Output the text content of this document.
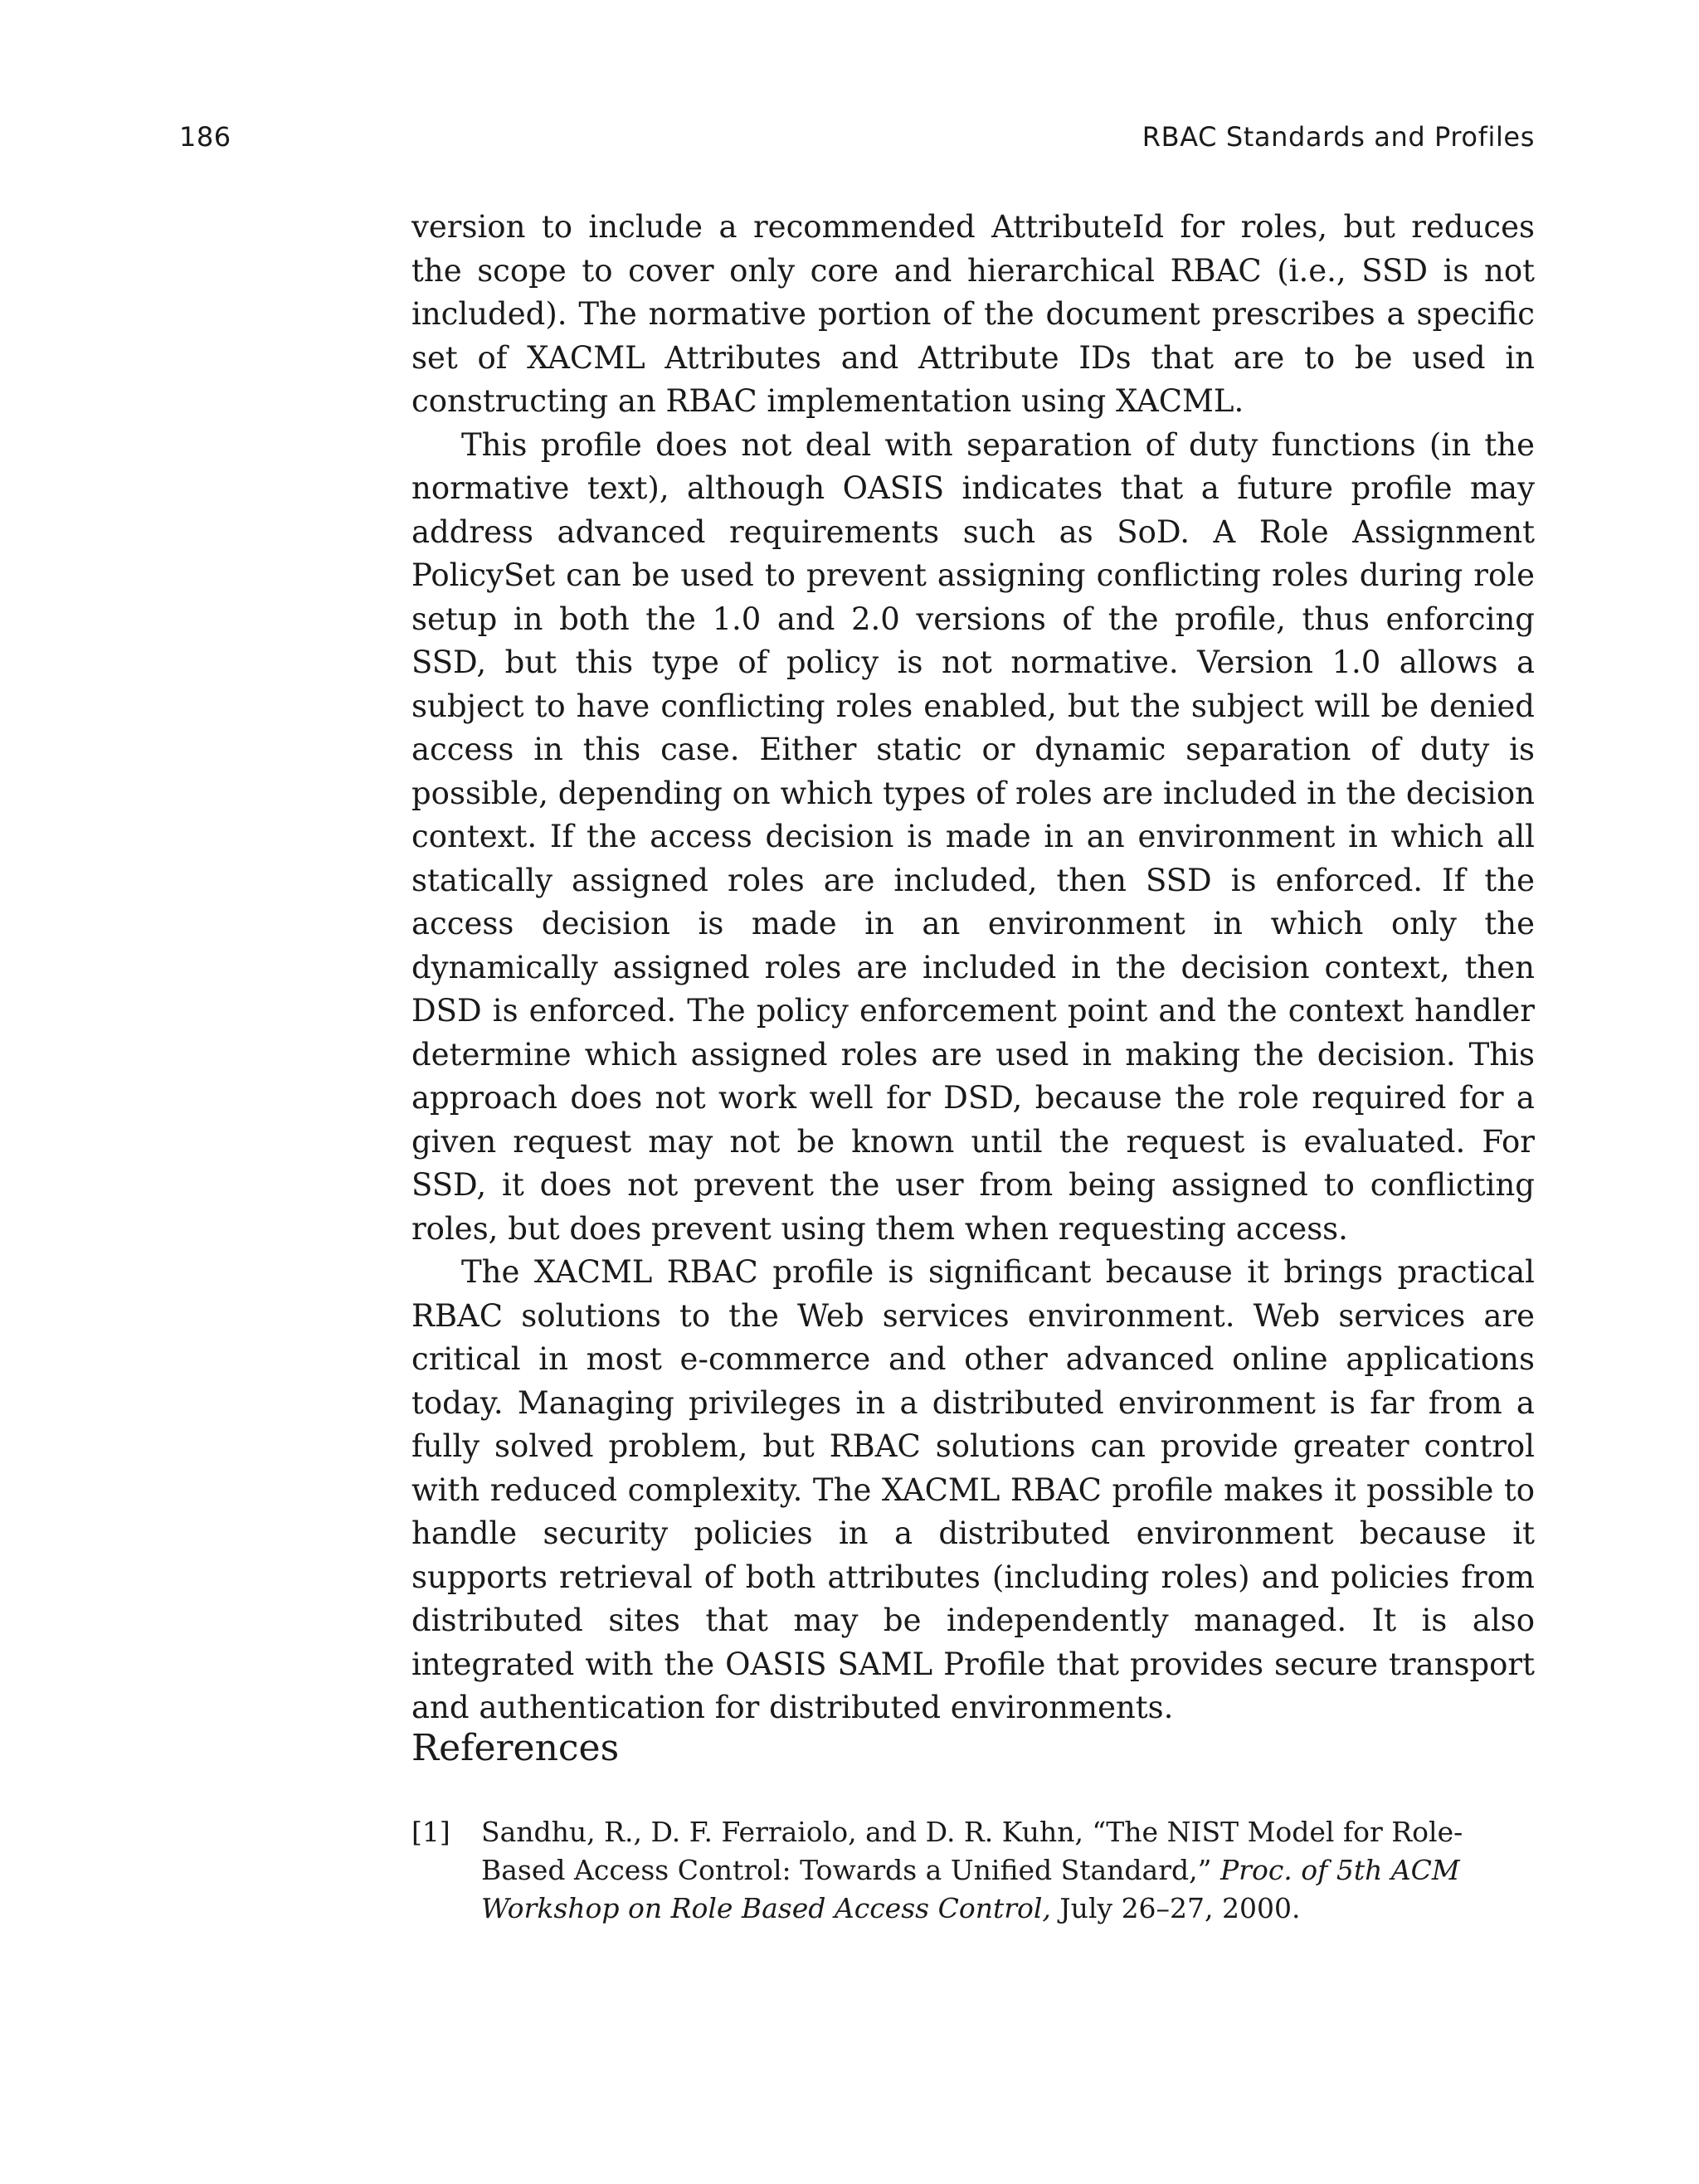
186	RBAC Standards and Profiles

version to include a recommended AttributeId for roles, but reduces the scope to cover only core and hierarchical RBAC (i.e., SSD is not included). The normative portion of the document prescribes a specific set of XACML Attributes and Attribute IDs that are to be used in constructing an RBAC implementation using XACML.

This profile does not deal with separation of duty functions (in the normative text), although OASIS indicates that a future profile may address advanced requirements such as SoD. A Role Assignment PolicySet can be used to prevent assigning conflicting roles during role setup in both the 1.0 and 2.0 versions of the profile, thus enforcing SSD, but this type of policy is not normative. Version 1.0 allows a subject to have conflicting roles enabled, but the subject will be denied access in this case. Either static or dynamic separation of duty is possible, depending on which types of roles are included in the decision context. If the access decision is made in an environment in which all statically assigned roles are included, then SSD is enforced. If the access decision is made in an environment in which only the dynamically assigned roles are included in the decision context, then DSD is enforced. The policy enforcement point and the context handler determine which assigned roles are used in making the decision. This approach does not work well for DSD, because the role required for a given request may not be known until the request is evaluated. For SSD, it does not prevent the user from being assigned to conflicting roles, but does prevent using them when requesting access.

The XACML RBAC profile is significant because it brings practical RBAC solutions to the Web services environment. Web services are critical in most e-commerce and other advanced online applications today. Managing privileges in a distributed environment is far from a fully solved problem, but RBAC solutions can provide greater control with reduced complexity. The XACML RBAC profile makes it possible to handle security policies in a distributed environment because it supports retrieval of both attributes (including roles) and policies from distributed sites that may be independently managed. It is also integrated with the OASIS SAML Profile that provides secure transport and authentication for distributed environments.

References
[1]	Sandhu, R., D. F. Ferraiolo, and D. R. Kuhn, “The NIST Model for Role-Based Access Control: Towards a Unified Standard,” Proc. of 5th ACM Workshop on Role Based Access Control, July 26–27, 2000.
